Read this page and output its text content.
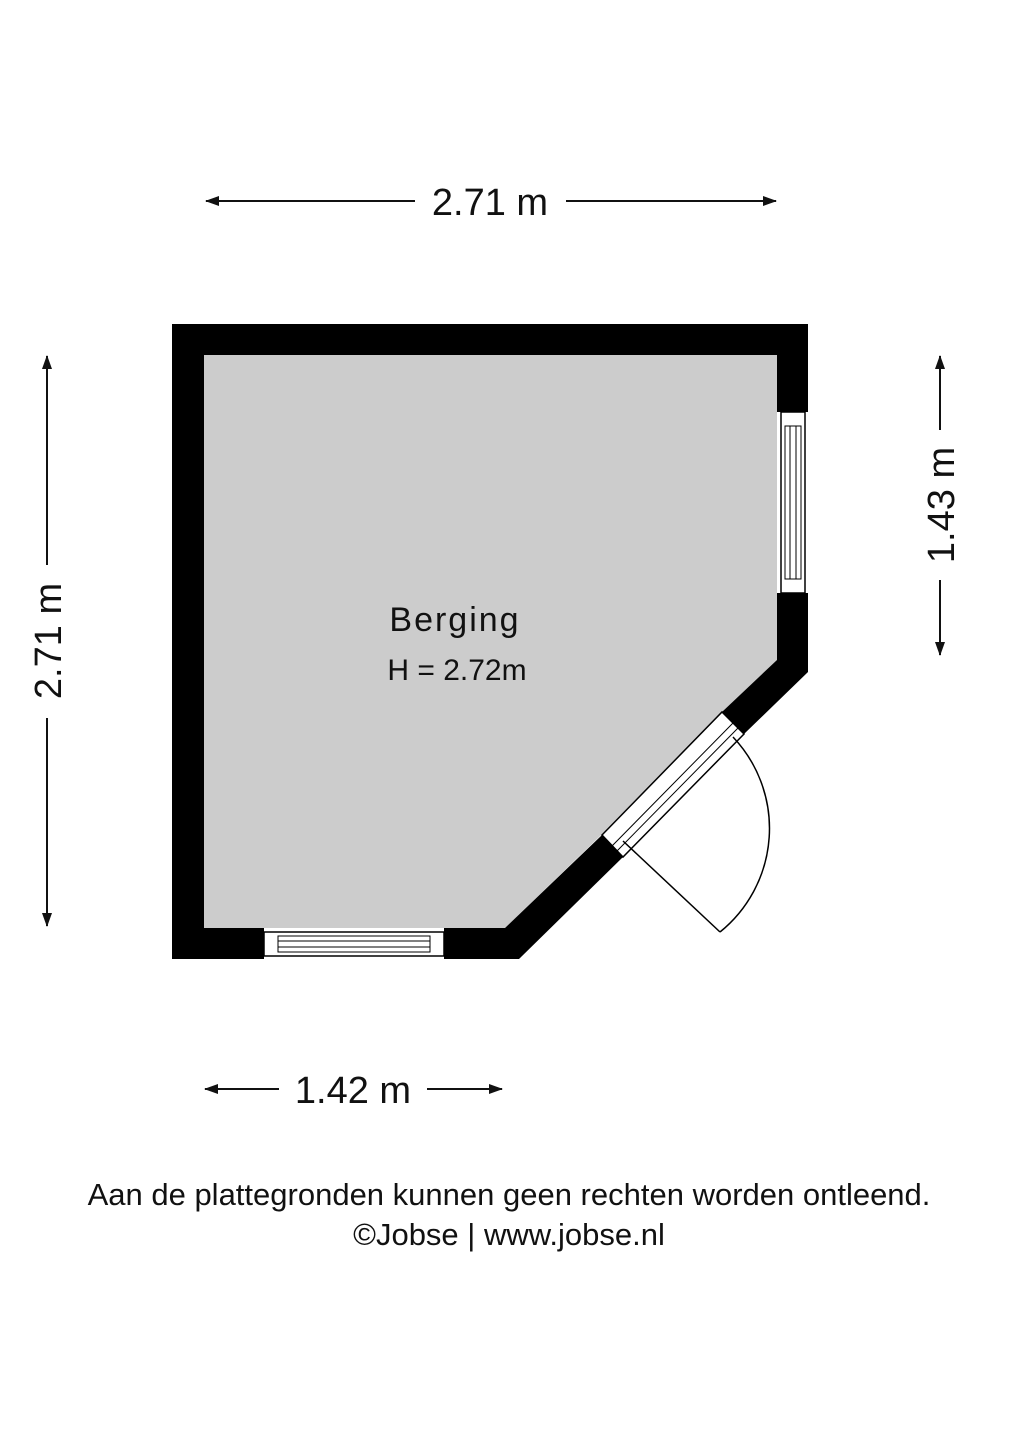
2.71 m
2.71 m
1.43 m
1.42 m
Berging
H = 2.72m
Aan de plattegronden kunnen geen rechten worden ontleend.
©Jobse | www.jobse.nl
